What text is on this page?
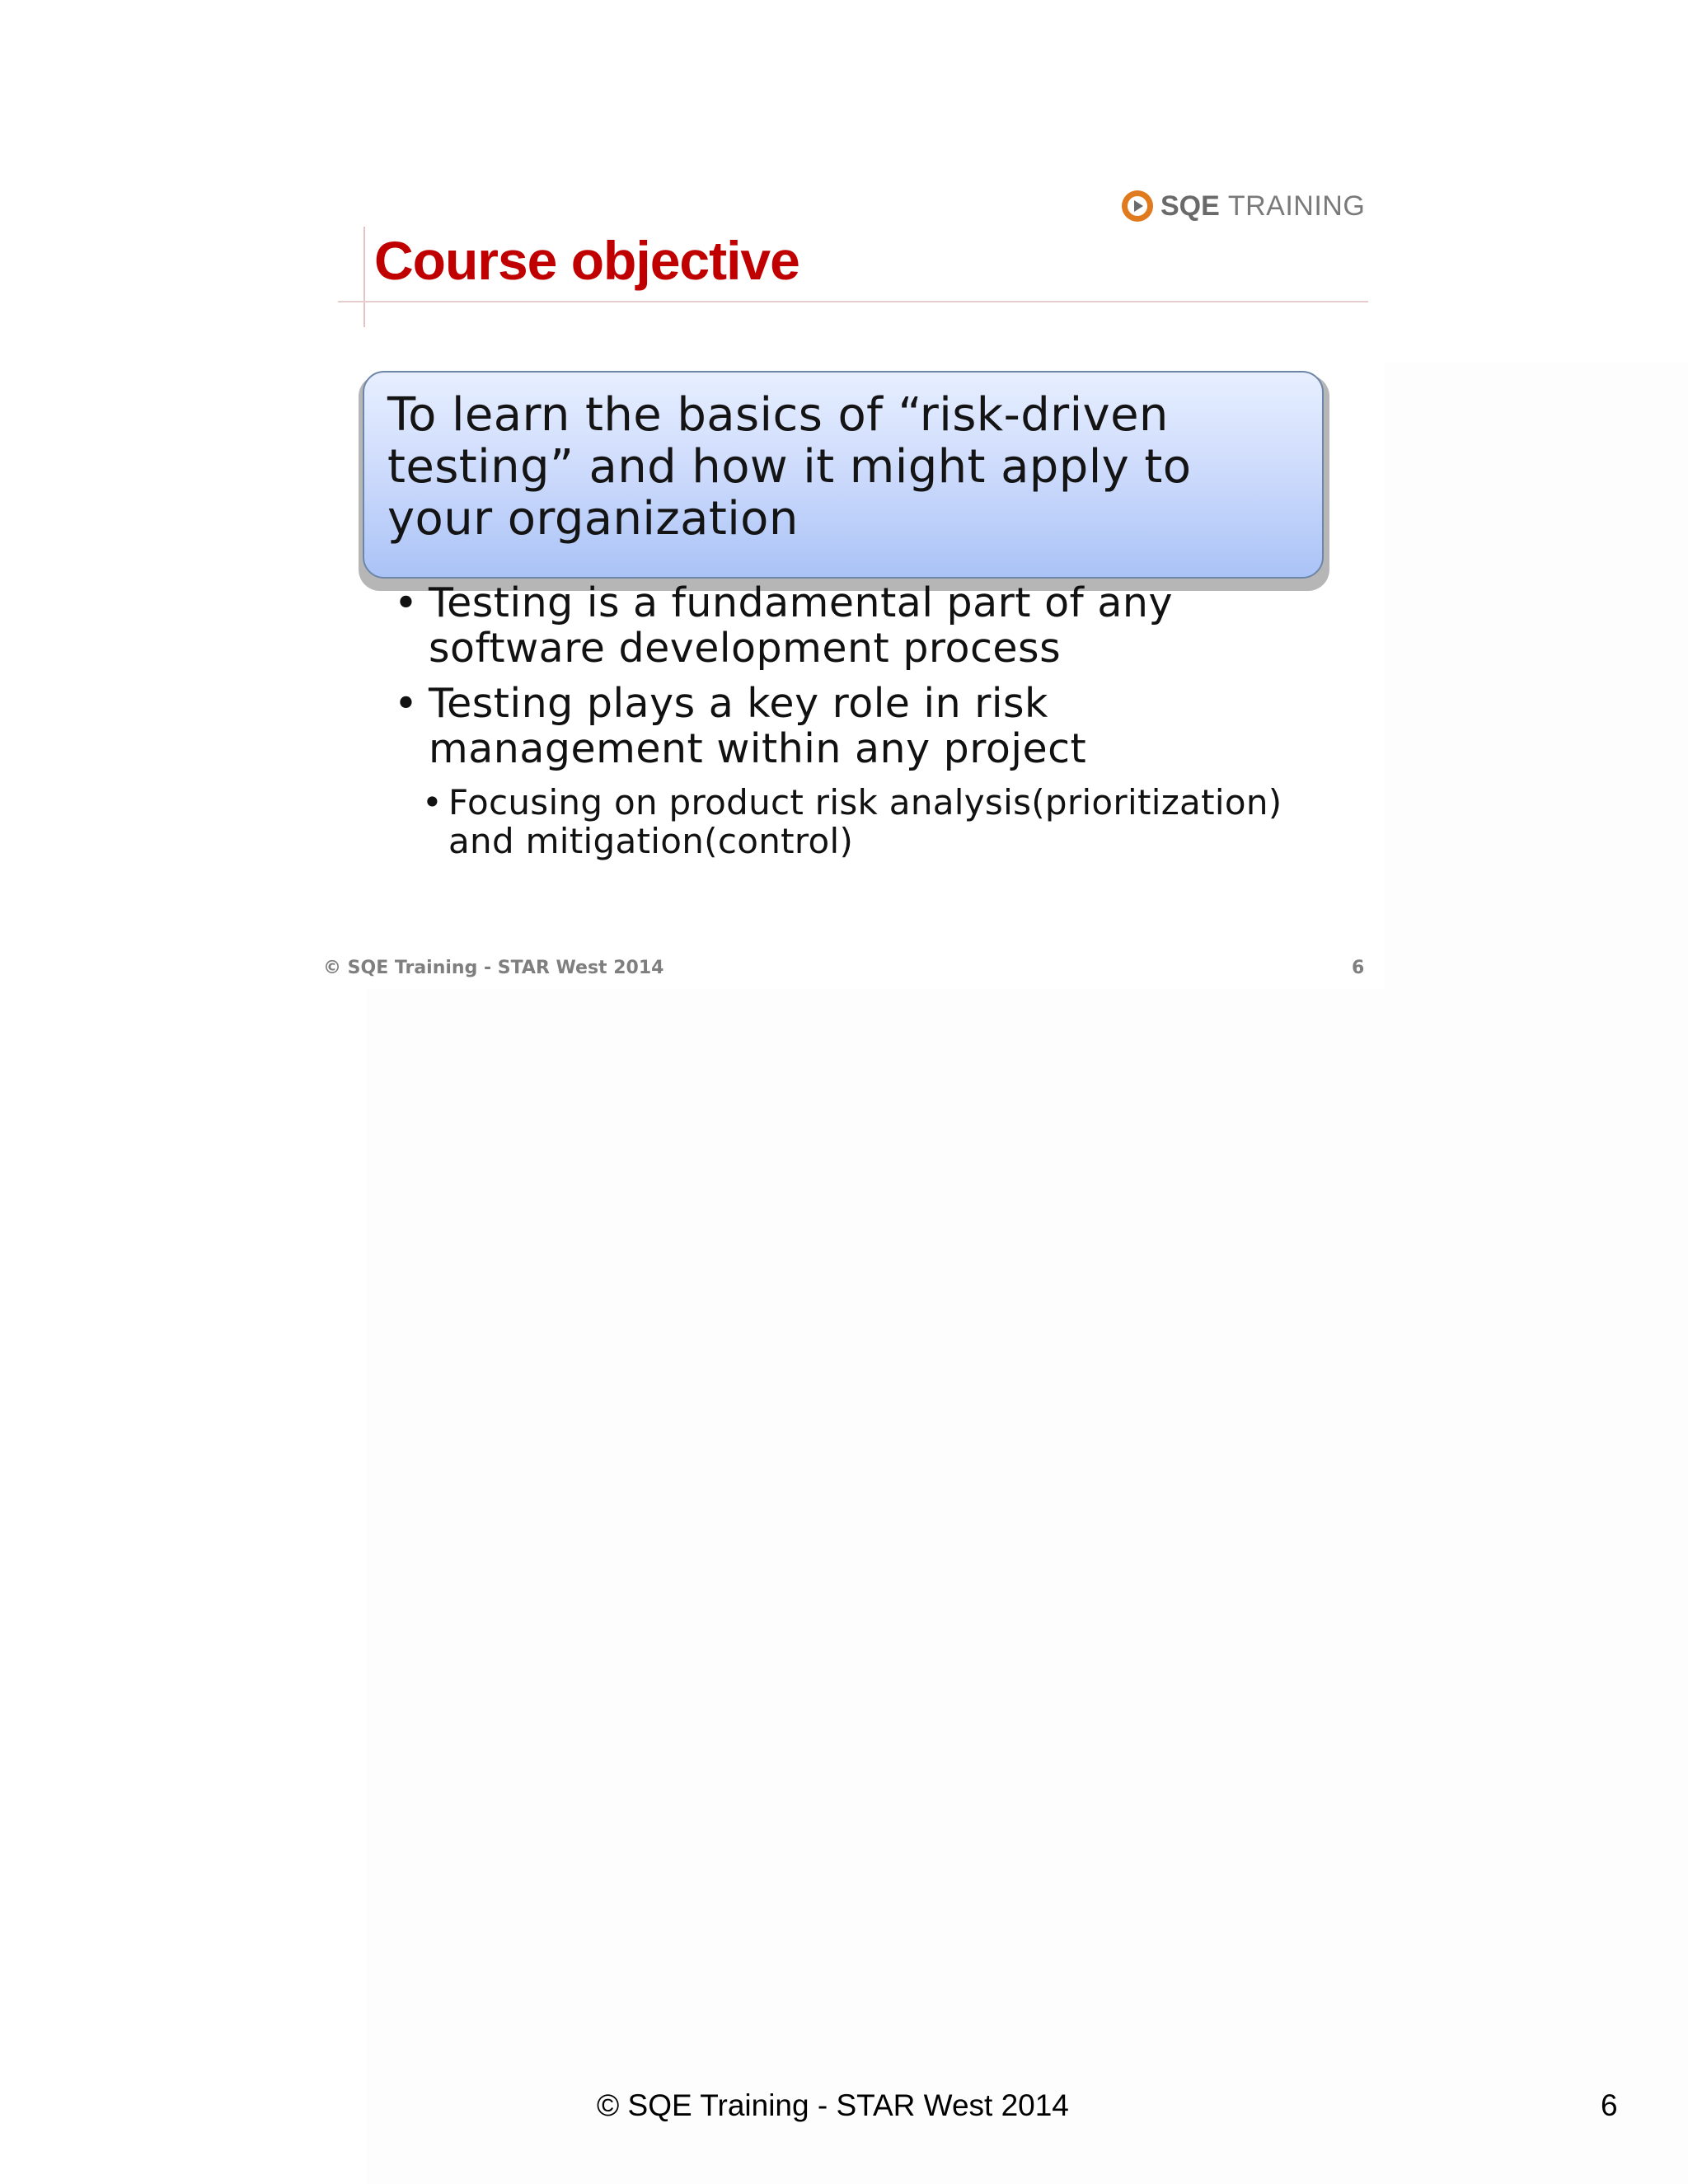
SQE TRAINING
Course objective
To learn the basics of “risk-driven
testing” and how it might apply to
your organization
• Testing is a fundamental part of any
software development process
• Testing plays a key role in risk
management within any project
• Focusing on product risk analysis(prioritization)
and mitigation(control)
© SQE Training - STAR West 2014	6
© SQE Training - STAR West 2014	6
